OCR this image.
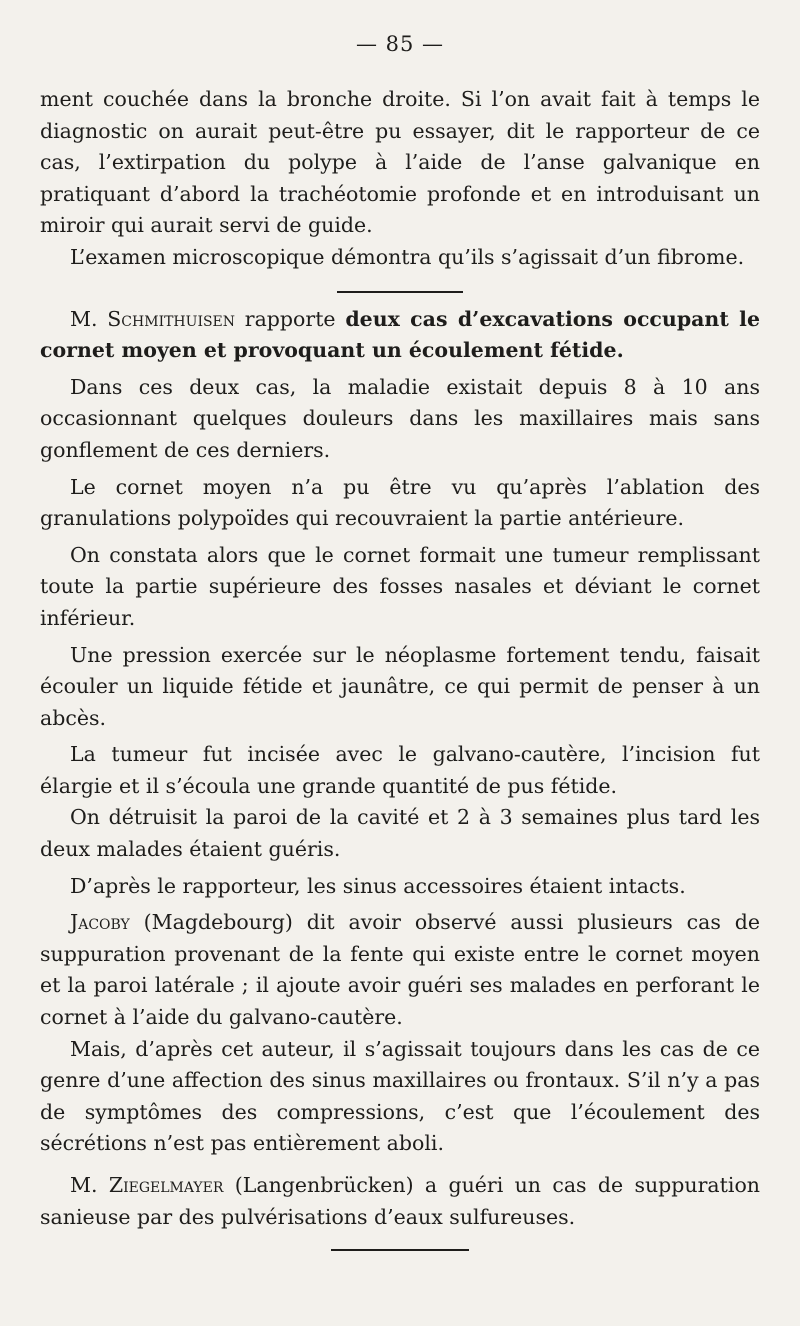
— 85 —

ment couchée dans la bronche droite. Si l’on avait fait à temps le diagnostic on aurait peut-être pu essayer, dit le rapporteur de ce cas, l’extirpation du polype à l’aide de l’anse galvanique en pratiquant d’abord la trachéotomie profonde et en introduisant un miroir qui aurait servi de guide.

L’examen microscopique démontra qu’ils s’agissait d’un fibrome.

M. Schmithuisen rapporte deux cas d’excavations occupant le cornet moyen et provoquant un écoulement fétide.

Dans ces deux cas, la maladie existait depuis 8 à 10 ans occasionnant quelques douleurs dans les maxillaires mais sans gonflement de ces derniers.

Le cornet moyen n’a pu être vu qu’après l’ablation des granulations polypoïdes qui recouvraient la partie antérieure.

On constata alors que le cornet formait une tumeur remplissant toute la partie supérieure des fosses nasales et déviant le cornet inférieur.

Une pression exercée sur le néoplasme fortement tendu, faisait écouler un liquide fétide et jaunâtre, ce qui permit de penser à un abcès.

La tumeur fut incisée avec le galvano-cautère, l’incision fut élargie et il s’écoula une grande quantité de pus fétide.

On détruisit la paroi de la cavité et 2 à 3 semaines plus tard les deux malades étaient guéris.

D’après le rapporteur, les sinus accessoires étaient intacts.

Jacoby (Magdebourg) dit avoir observé aussi plusieurs cas de suppuration provenant de la fente qui existe entre le cornet moyen et la paroi latérale ; il ajoute avoir guéri ses malades en perforant le cornet à l’aide du galvano-cautère.

Mais, d’après cet auteur, il s’agissait toujours dans les cas de ce genre d’une affection des sinus maxillaires ou frontaux. S’il n’y a pas de symptômes des compressions, c’est que l’écoulement des sécrétions n’est pas entièrement aboli.

M. Ziegelmayer (Langenbrücken) a guéri un cas de suppuration sanieuse par des pulvérisations d’eaux sulfureuses.
